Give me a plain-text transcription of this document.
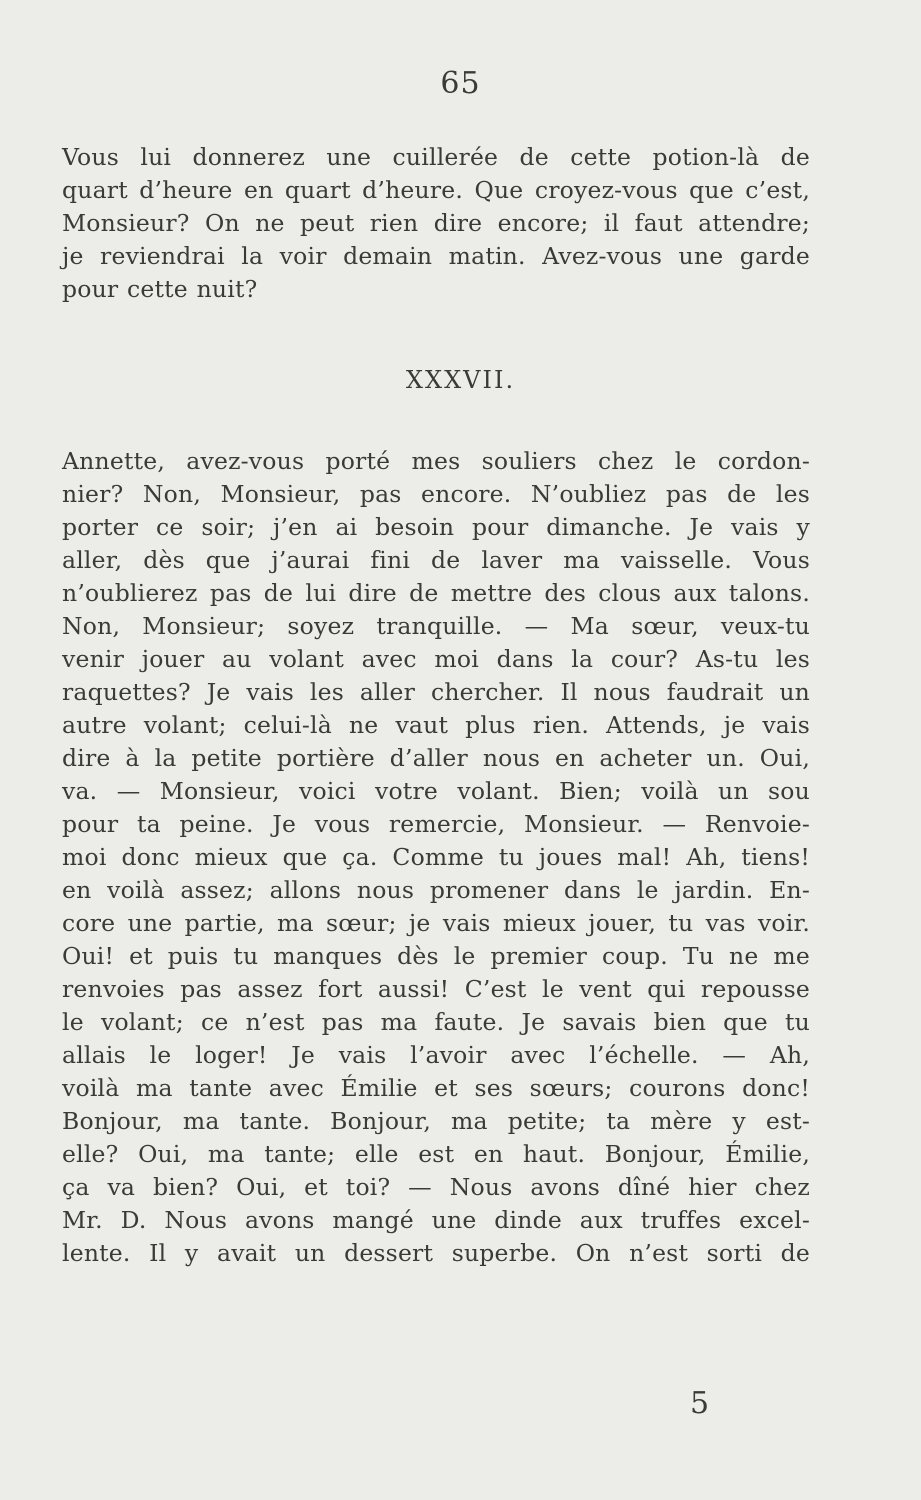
65
Vous lui donnerez une cuillerée de cette potion-là de
quart d’heure en quart d’heure. Que croyez-vous que c’est,
Monsieur? On ne peut rien dire encore; il faut attendre;
je reviendrai la voir demain matin. Avez-vous une garde
pour cette nuit?
XXXVII.
Annette, avez-vous porté mes souliers chez le cordon-
nier? Non, Monsieur, pas encore. N’oubliez pas de les
porter ce soir; j’en ai besoin pour dimanche. Je vais y
aller, dès que j’aurai fini de laver ma vaisselle. Vous
n’oublierez pas de lui dire de mettre des clous aux talons.
Non, Monsieur; soyez tranquille. — Ma sœur, veux-tu
venir jouer au volant avec moi dans la cour? As-tu les
raquettes? Je vais les aller chercher. Il nous faudrait un
autre volant; celui-là ne vaut plus rien. Attends, je vais
dire à la petite portière d’aller nous en acheter un. Oui,
va. — Monsieur, voici votre volant. Bien; voilà un sou
pour ta peine. Je vous remercie, Monsieur. — Renvoie-
moi donc mieux que ça. Comme tu joues mal! Ah, tiens!
en voilà assez; allons nous promener dans le jardin. En-
core une partie, ma sœur; je vais mieux jouer, tu vas voir.
Oui! et puis tu manques dès le premier coup. Tu ne me
renvoies pas assez fort aussi! C’est le vent qui repousse
le volant; ce n’est pas ma faute. Je savais bien que tu
allais le loger! Je vais l’avoir avec l’échelle. — Ah,
voilà ma tante avec Émilie et ses sœurs; courons donc!
Bonjour, ma tante. Bonjour, ma petite; ta mère y est-
elle? Oui, ma tante; elle est en haut. Bonjour, Émilie,
ça va bien? Oui, et toi? — Nous avons dîné hier chez
Mr. D. Nous avons mangé une dinde aux truffes excel-
lente. Il y avait un dessert superbe. On n’est sorti de
5
